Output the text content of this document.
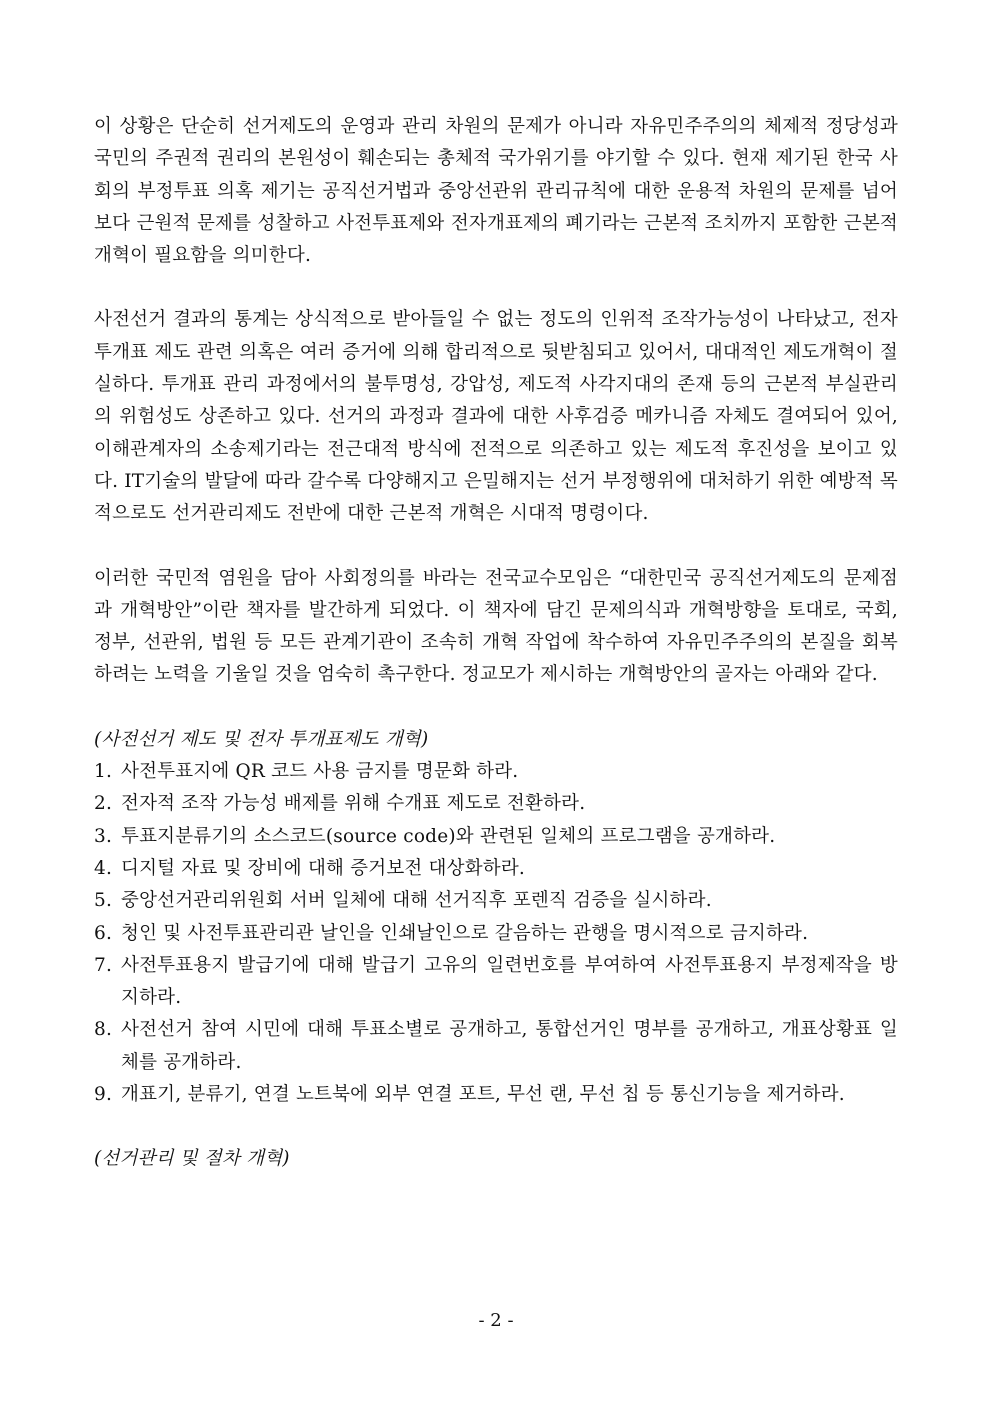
이 상황은 단순히 선거제도의 운영과 관리 차원의 문제가 아니라 자유민주주의의 체제적 정당성과 국민의 주권적 권리의 본원성이 훼손되는 총체적 국가위기를 야기할 수 있다. 현재 제기된 한국 사회의 부정투표 의혹 제기는 공직선거법과 중앙선관위 관리규칙에 대한 운용적 차원의 문제를 넘어 보다 근원적 문제를 성찰하고 사전투표제와 전자개표제의 폐기라는 근본적 조치까지 포함한 근본적 개혁이 필요함을 의미한다.

사전선거 결과의 통계는 상식적으로 받아들일 수 없는 정도의 인위적 조작가능성이 나타났고, 전자 투개표 제도 관련 의혹은 여러 증거에 의해 합리적으로 뒷받침되고 있어서, 대대적인 제도개혁이 절실하다. 투개표 관리 과정에서의 불투명성, 강압성, 제도적 사각지대의 존재 등의 근본적 부실관리의 위험성도 상존하고 있다. 선거의 과정과 결과에 대한 사후검증 메카니즘 자체도 결여되어 있어, 이해관계자의 소송제기라는 전근대적 방식에 전적으로 의존하고 있는 제도적 후진성을 보이고 있다. IT기술의 발달에 따라 갈수록 다양해지고 은밀해지는 선거 부정행위에 대처하기 위한 예방적 목적으로도 선거관리제도 전반에 대한 근본적 개혁은 시대적 명령이다.

이러한 국민적 염원을 담아 사회정의를 바라는 전국교수모임은 “대한민국 공직선거제도의 문제점과 개혁방안”이란 책자를 발간하게 되었다. 이 책자에 담긴 문제의식과 개혁방향을 토대로, 국회, 정부, 선관위, 법원 등 모든 관계기관이 조속히 개혁 작업에 착수하여 자유민주주의의 본질을 회복하려는 노력을 기울일 것을 엄숙히 촉구한다. 정교모가 제시하는 개혁방안의 골자는 아래와 같다.

(사전선거 제도 및 전자 투개표제도 개혁)

1. 사전투표지에 QR 코드 사용 금지를 명문화 하라.
2. 전자적 조작 가능성 배제를 위해 수개표 제도로 전환하라.
3. 투표지분류기의 소스코드(source code)와 관련된 일체의 프로그램을 공개하라.
4. 디지털 자료 및 장비에 대해 증거보전 대상화하라.
5. 중앙선거관리위원회 서버 일체에 대해 선거직후 포렌직 검증을 실시하라.
6. 청인 및 사전투표관리관 날인을 인쇄날인으로 갈음하는 관행을 명시적으로 금지하라.
7. 사전투표용지 발급기에 대해 발급기 고유의 일련번호를 부여하여 사전투표용지 부정제작을 방지하라.
8. 사전선거 참여 시민에 대해 투표소별로 공개하고, 통합선거인 명부를 공개하고, 개표상황표 일체를 공개하라.
9. 개표기, 분류기, 연결 노트북에 외부 연결 포트, 무선 랜, 무선 칩 등 통신기능을 제거하라.

(선거관리 및 절차 개혁)

- 2 -
